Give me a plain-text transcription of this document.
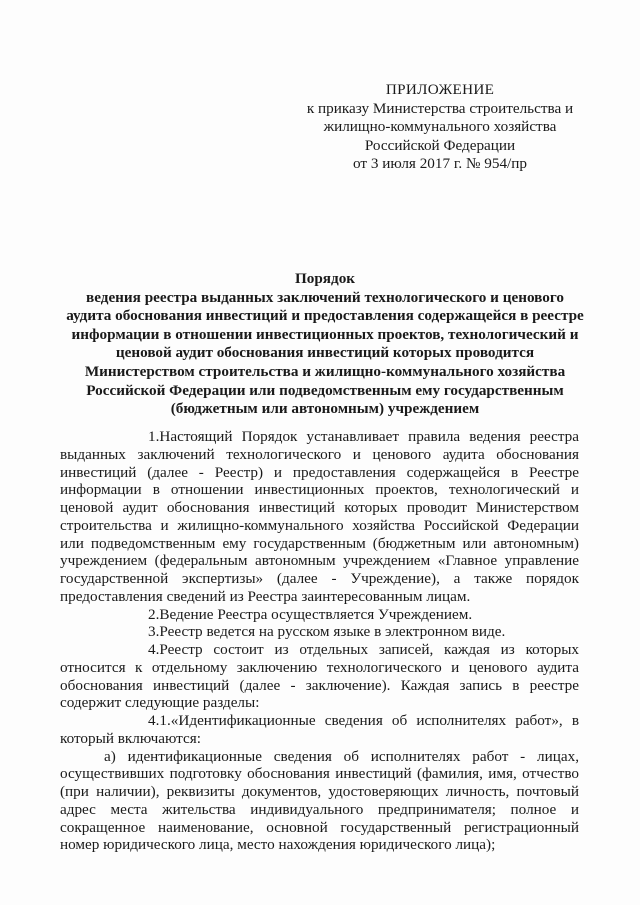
ПРИЛОЖЕНИЕ
к приказу Министерства строительства и
жилищно-коммунального хозяйства
Российской Федерации
от 3 июля 2017 г. № 954/пр
Порядок
ведения реестра выданных заключений технологического и ценового
аудита обоснования инвестиций и предоставления содержащейся в реестре
информации в отношении инвестиционных проектов, технологический и
ценовой аудит обоснования инвестиций которых проводится
Министерством строительства и жилищно-коммунального хозяйства
Российской Федерации или подведомственным ему государственным
(бюджетным или автономным) учреждением

1.Настоящий Порядок устанавливает правила ведения реестра выданных заключений технологического и ценового аудита обоснования инвестиций (далее - Реестр) и предоставления содержащейся в Реестре информации в отношении инвестиционных проектов, технологический и ценовой аудит обоснования инвестиций которых проводит Министерством строительства и жилищно-коммунального хозяйства Российской Федерации или подведомственным ему государственным (бюджетным или автономным) учреждением (федеральным автономным учреждением «Главное управление государственной экспертизы» (далее - Учреждение), а также порядок предоставления сведений из Реестра заинтересованным лицам.

2.Ведение Реестра осуществляется Учреждением.

3.Реестр ведется на русском языке в электронном виде.

4.Реестр состоит из отдельных записей, каждая из которых относится к отдельному заключению технологического и ценового аудита обоснования инвестиций (далее - заключение). Каждая запись в реестре содержит следующие разделы:

4.1.«Идентификационные сведения об исполнителях работ», в который включаются:

а) идентификационные сведения об исполнителях работ - лицах, осуществивших подготовку обоснования инвестиций (фамилия, имя, отчество (при наличии), реквизиты документов, удостоверяющих личность, почтовый адрес места жительства индивидуального предпринимателя; полное и сокращенное наименование, основной государственный регистрационный номер юридического лица, место нахождения юридического лица);
